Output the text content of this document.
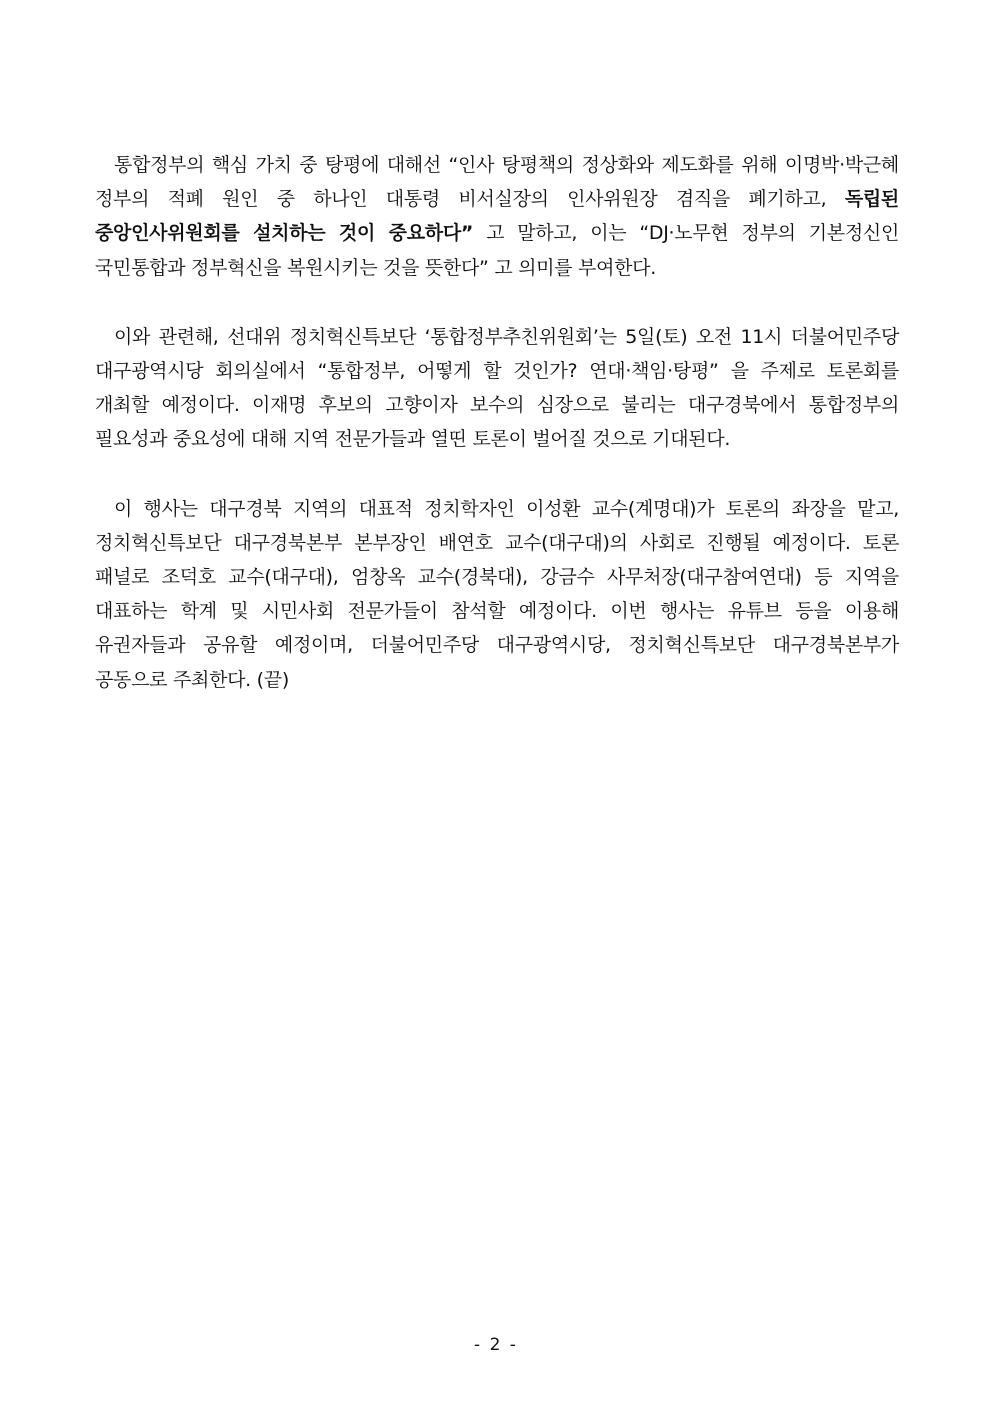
통합정부의 핵심 가치 중 탕평에 대해선 “인사 탕평책의 정상화와 제도화를 위해 이명박·박근혜 정부의 적폐 원인 중 하나인 대통령 비서실장의 인사위원장 겸직을 폐기하고, 독립된 중앙인사위원회를 설치하는 것이 중요하다” 고 말하고, 이는 “DJ·노무현 정부의 기본정신인 국민통합과 정부혁신을 복원시키는 것을 뜻한다” 고 의미를 부여한다.

이와 관련해, 선대위 정치혁신특보단 ‘통합정부추친위원회’는 5일(토) 오전 11시 더불어민주당 대구광역시당 회의실에서 “통합정부, 어떻게 할 것인가? 연대·책임·탕평” 을 주제로 토론회를 개최할 예정이다. 이재명 후보의 고향이자 보수의 심장으로 불리는 대구경북에서 통합정부의 필요성과 중요성에 대해 지역 전문가들과 열띤 토론이 벌어질 것으로 기대된다.

이 행사는 대구경북 지역의 대표적 정치학자인 이성환 교수(계명대)가 토론의 좌장을 맡고, 정치혁신특보단 대구경북본부 본부장인 배연호 교수(대구대)의 사회로 진행될 예정이다. 토론 패널로 조덕호 교수(대구대), 엄창옥 교수(경북대), 강금수 사무처장(대구참여연대) 등 지역을 대표하는 학계 및 시민사회 전문가들이 참석할 예정이다. 이번 행사는 유튜브 등을 이용해 유권자들과 공유할 예정이며, 더불어민주당 대구광역시당, 정치혁신특보단 대구경북본부가 공동으로 주최한다. (끝)

- 2 -
